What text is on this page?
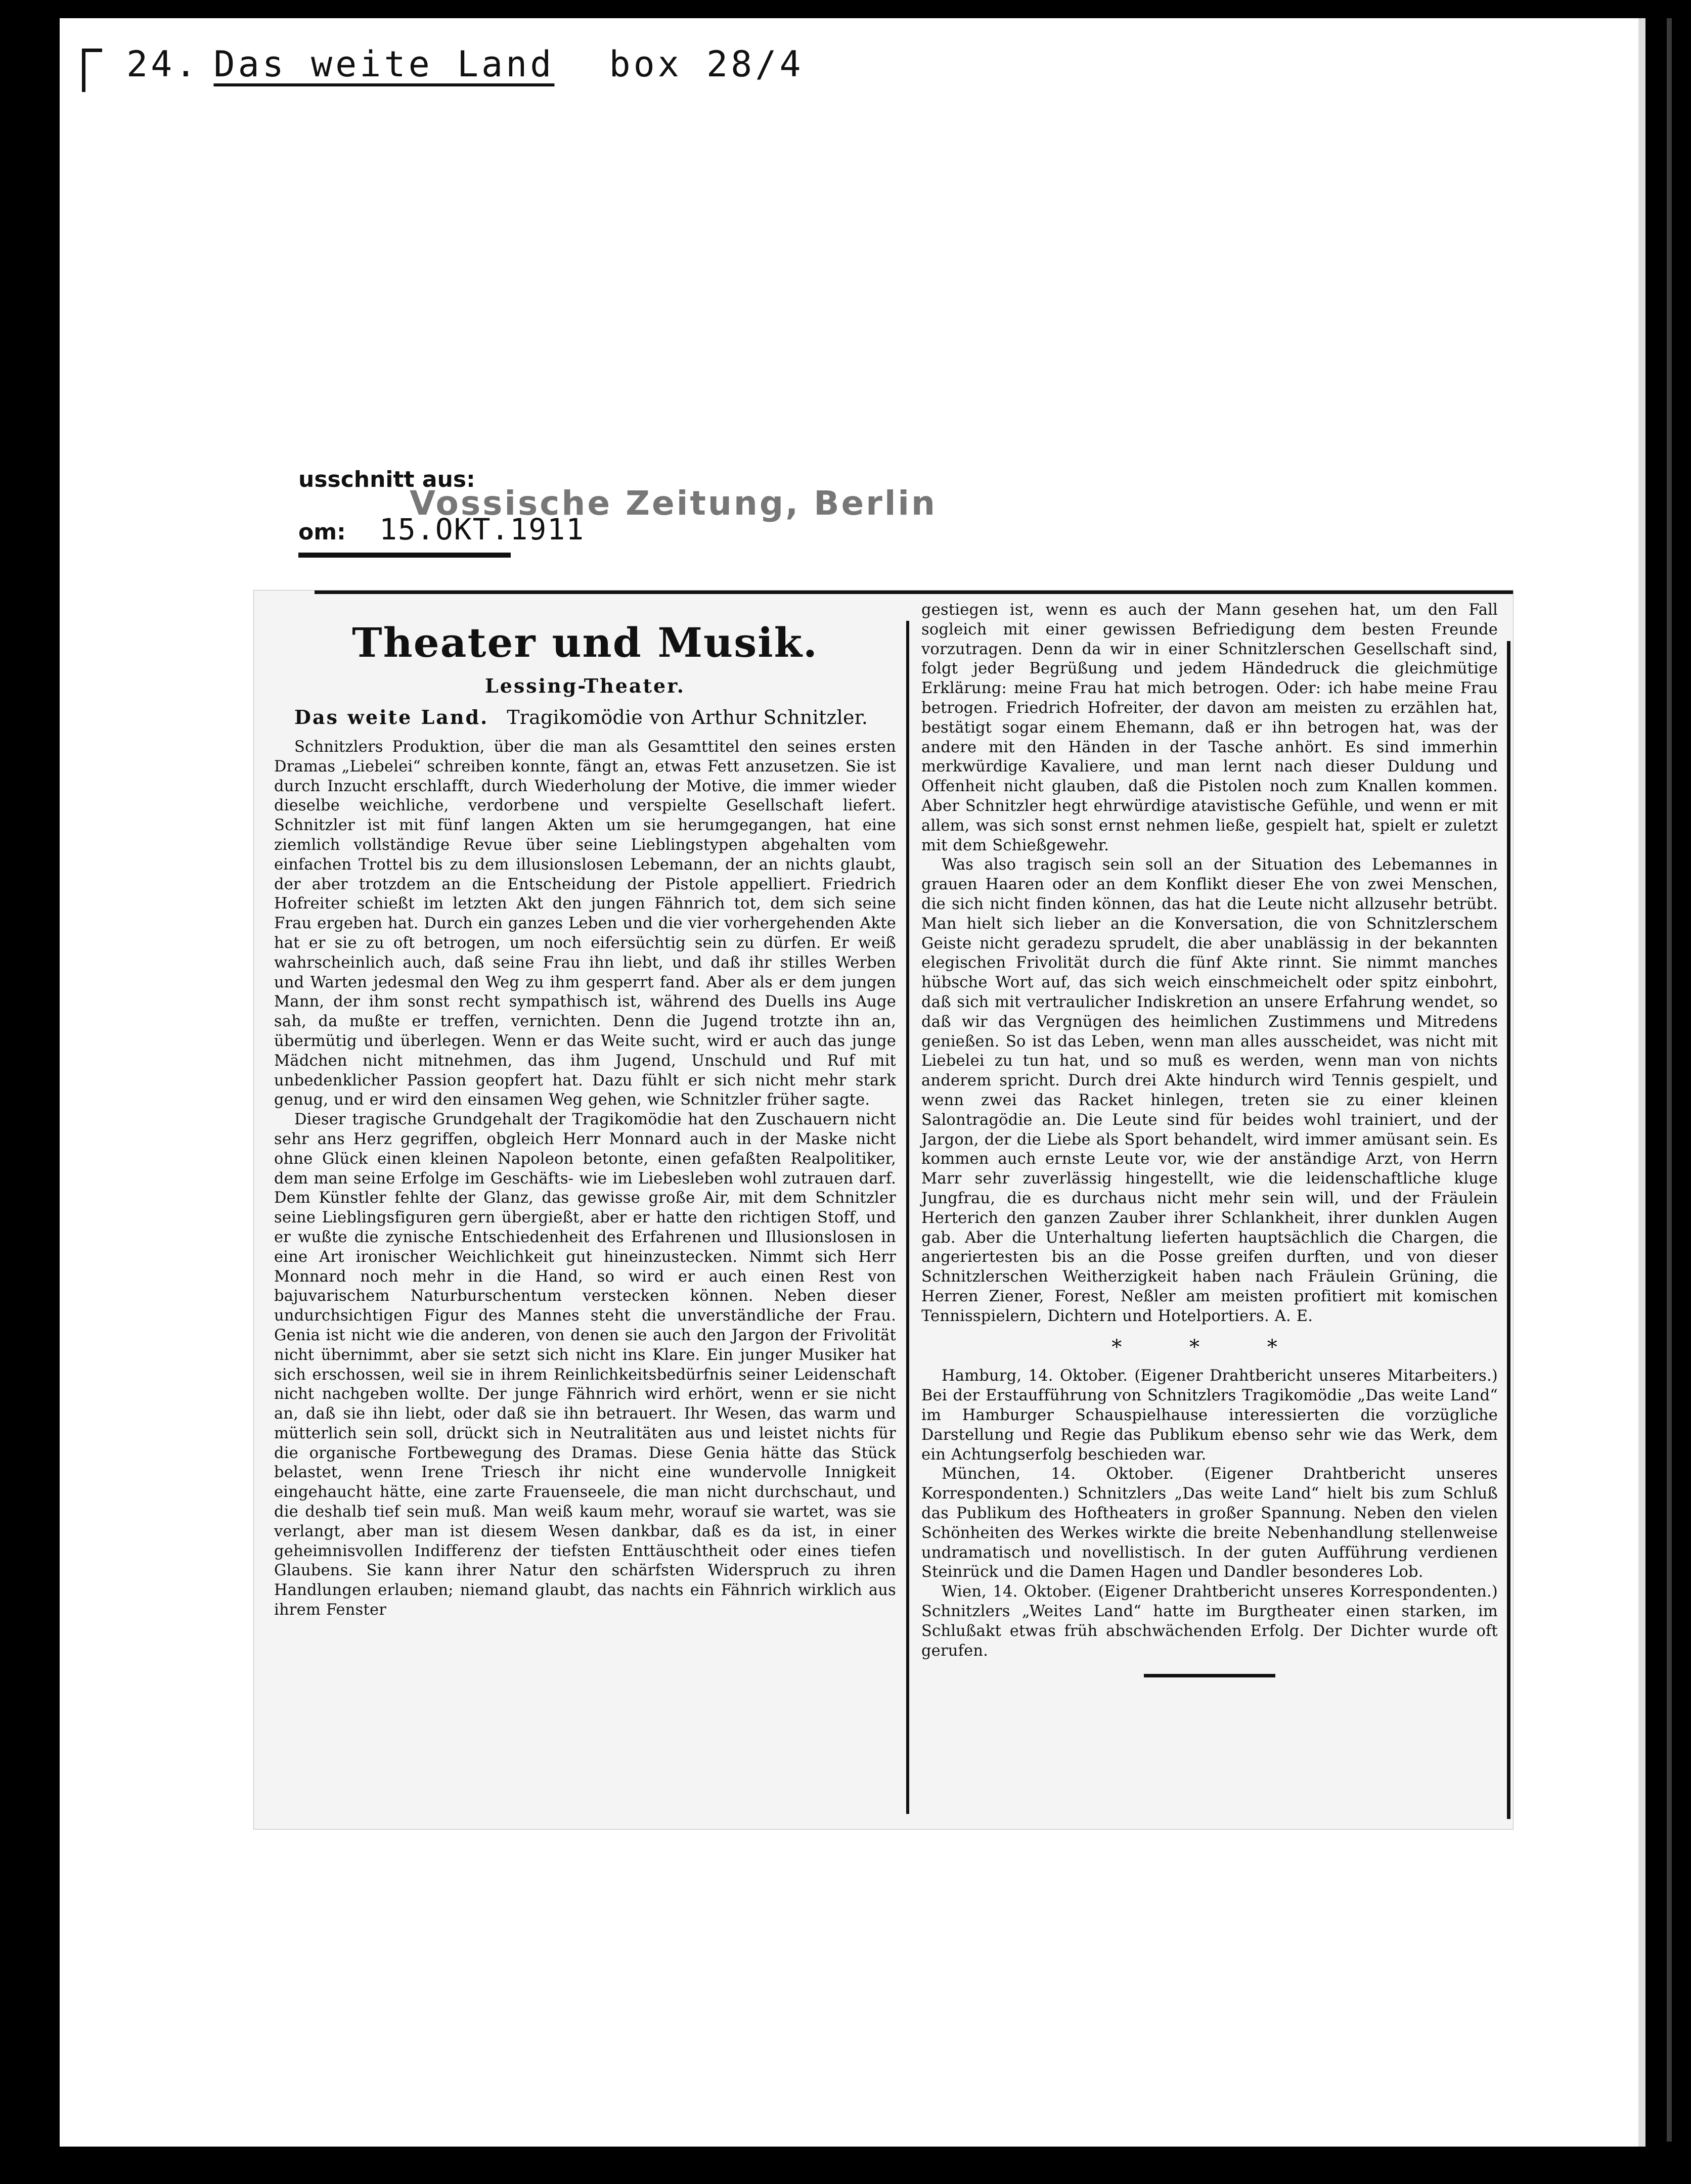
24. Das weite Land box 28/4
usschnitt aus:
Vossische Zeitung, Berlin
om: 15.OKT.1911
Theater und Musik.
Lessing-Theater.
Das weite Land. Tragikomödie von Arthur Schnitzler.

Schnitzlers Produktion, über die man als Gesamttitel den seines ersten Dramas „Liebelei“ schreiben konnte, fängt an, etwas Fett anzusetzen. Sie ist durch Inzucht erschlafft, durch Wiederholung der Motive, die immer wieder dieselbe weichliche, verdorbene und verspielte Gesellschaft liefert. Schnitzler ist mit fünf langen Akten um sie herumgegangen, hat eine ziemlich vollständige Revue über seine Lieblingstypen abgehalten vom einfachen Trottel bis zu dem illusionslosen Lebemann, der an nichts glaubt, der aber trotzdem an die Entscheidung der Pistole appelliert. Friedrich Hofreiter schießt im letzten Akt den jungen Fähnrich tot, dem sich seine Frau ergeben hat. Durch ein ganzes Leben und die vier vorhergehenden Akte hat er sie zu oft betrogen, um noch eifersüchtig sein zu dürfen. Er weiß wahrscheinlich auch, daß seine Frau ihn liebt, und daß ihr stilles Werben und Warten jedesmal den Weg zu ihm gesperrt fand. Aber als er dem jungen Mann, der ihm sonst recht sympathisch ist, während des Duells ins Auge sah, da mußte er treffen, vernichten. Denn die Jugend trotzte ihn an, übermütig und überlegen. Wenn er das Weite sucht, wird er auch das junge Mädchen nicht mitnehmen, das ihm Jugend, Unschuld und Ruf mit unbedenklicher Passion geopfert hat. Dazu fühlt er sich nicht mehr stark genug, und er wird den einsamen Weg gehen, wie Schnitzler früher sagte.

Dieser tragische Grundgehalt der Tragikomödie hat den Zuschauern nicht sehr ans Herz gegriffen, obgleich Herr Monnard auch in der Maske nicht ohne Glück einen kleinen Napoleon betonte, einen gefaßten Realpolitiker, dem man seine Erfolge im Geschäfts- wie im Liebesleben wohl zutrauen darf. Dem Künstler fehlte der Glanz, das gewisse große Air, mit dem Schnitzler seine Lieblingsfiguren gern übergießt, aber er hatte den richtigen Stoff, und er wußte die zynische Entschiedenheit des Erfahrenen und Illusionslosen in eine Art ironischer Weichlichkeit gut hineinzustecken. Nimmt sich Herr Monnard noch mehr in die Hand, so wird er auch einen Rest von bajuvarischem Naturburschentum verstecken können. Neben dieser undurchsichtigen Figur des Mannes steht die unverständliche der Frau. Genia ist nicht wie die anderen, von denen sie auch den Jargon der Frivolität nicht übernimmt, aber sie setzt sich nicht ins Klare. Ein junger Musiker hat sich erschossen, weil sie in ihrem Reinlichkeitsbedürfnis seiner Leidenschaft nicht nachgeben wollte. Der junge Fähnrich wird erhört, wenn er sie nicht an, daß sie ihn liebt, oder daß sie ihn betrauert. Ihr Wesen, das warm und mütterlich sein soll, drückt sich in Neutralitäten aus und leistet nichts für die organische Fortbewegung des Dramas. Diese Genia hätte das Stück belastet, wenn Irene Triesch ihr nicht eine wundervolle Innigkeit eingehaucht hätte, eine zarte Frauenseele, die man nicht durchschaut, und die deshalb tief sein muß. Man weiß kaum mehr, worauf sie wartet, was sie verlangt, aber man ist diesem Wesen dankbar, daß es da ist, in einer geheimnisvollen Indifferenz der tiefsten Enttäuschtheit oder eines tiefen Glaubens. Sie kann ihrer Natur den schärfsten Widerspruch zu ihren Handlungen erlauben; niemand glaubt, das nachts ein Fähnrich wirklich aus ihrem Fenster

gestiegen ist, wenn es auch der Mann gesehen hat, um den Fall sogleich mit einer gewissen Befriedigung dem besten Freunde vorzutragen. Denn da wir in einer Schnitzlerschen Gesellschaft sind, folgt jeder Begrüßung und jedem Händedruck die gleichmütige Erklärung: meine Frau hat mich betrogen. Oder: ich habe meine Frau betrogen. Friedrich Hofreiter, der davon am meisten zu erzählen hat, bestätigt sogar einem Ehemann, daß er ihn betrogen hat, was der andere mit den Händen in der Tasche anhört. Es sind immerhin merkwürdige Kavaliere, und man lernt nach dieser Duldung und Offenheit nicht glauben, daß die Pistolen noch zum Knallen kommen. Aber Schnitzler hegt ehrwürdige atavistische Gefühle, und wenn er mit allem, was sich sonst ernst nehmen ließe, gespielt hat, spielt er zuletzt mit dem Schießgewehr.

Was also tragisch sein soll an der Situation des Lebemannes in grauen Haaren oder an dem Konflikt dieser Ehe von zwei Menschen, die sich nicht finden können, das hat die Leute nicht allzusehr betrübt. Man hielt sich lieber an die Konversation, die von Schnitzlerschem Geiste nicht geradezu sprudelt, die aber unablässig in der bekannten elegischen Frivolität durch die fünf Akte rinnt. Sie nimmt manches hübsche Wort auf, das sich weich einschmeichelt oder spitz einbohrt, daß sich mit vertraulicher Indiskretion an unsere Erfahrung wendet, so daß wir das Vergnügen des heimlichen Zustimmens und Mitredens genießen. So ist das Leben, wenn man alles ausscheidet, was nicht mit Liebelei zu tun hat, und so muß es werden, wenn man von nichts anderem spricht. Durch drei Akte hindurch wird Tennis gespielt, und wenn zwei das Racket hinlegen, treten sie zu einer kleinen Salontragödie an. Die Leute sind für beides wohl trainiert, und der Jargon, der die Liebe als Sport behandelt, wird immer amüsant sein. Es kommen auch ernste Leute vor, wie der anständige Arzt, von Herrn Marr sehr zuverlässig hingestellt, wie die leidenschaftliche kluge Jungfrau, die es durchaus nicht mehr sein will, und der Fräulein Herterich den ganzen Zauber ihrer Schlankheit, ihrer dunklen Augen gab. Aber die Unterhaltung lieferten hauptsächlich die Chargen, die angeriertesten bis an die Posse greifen durften, und von dieser Schnitzlerschen Weitherzigkeit haben nach Fräulein Grüning, die Herren Ziener, Forest, Neßler am meisten profitiert mit komischen Tennisspielern, Dichtern und Hotelportiers. A. E.

* * *

Hamburg, 14. Oktober. (Eigener Drahtbericht unseres Mitarbeiters.) Bei der Erstaufführung von Schnitzlers Tragikomödie „Das weite Land“ im Hamburger Schauspielhause interessierten die vorzügliche Darstellung und Regie das Publikum ebenso sehr wie das Werk, dem ein Achtungserfolg beschieden war.

München, 14. Oktober. (Eigener Drahtbericht unseres Korrespondenten.) Schnitzlers „Das weite Land“ hielt bis zum Schluß das Publikum des Hoftheaters in großer Spannung. Neben den vielen Schönheiten des Werkes wirkte die breite Nebenhandlung stellenweise undramatisch und novellistisch. In der guten Aufführung verdienen Steinrück und die Damen Hagen und Dandler besonderes Lob.

Wien, 14. Oktober. (Eigener Drahtbericht unseres Korrespondenten.) Schnitzlers „Weites Land“ hatte im Burgtheater einen starken, im Schlußakt etwas früh abschwächenden Erfolg. Der Dichter wurde oft gerufen.
